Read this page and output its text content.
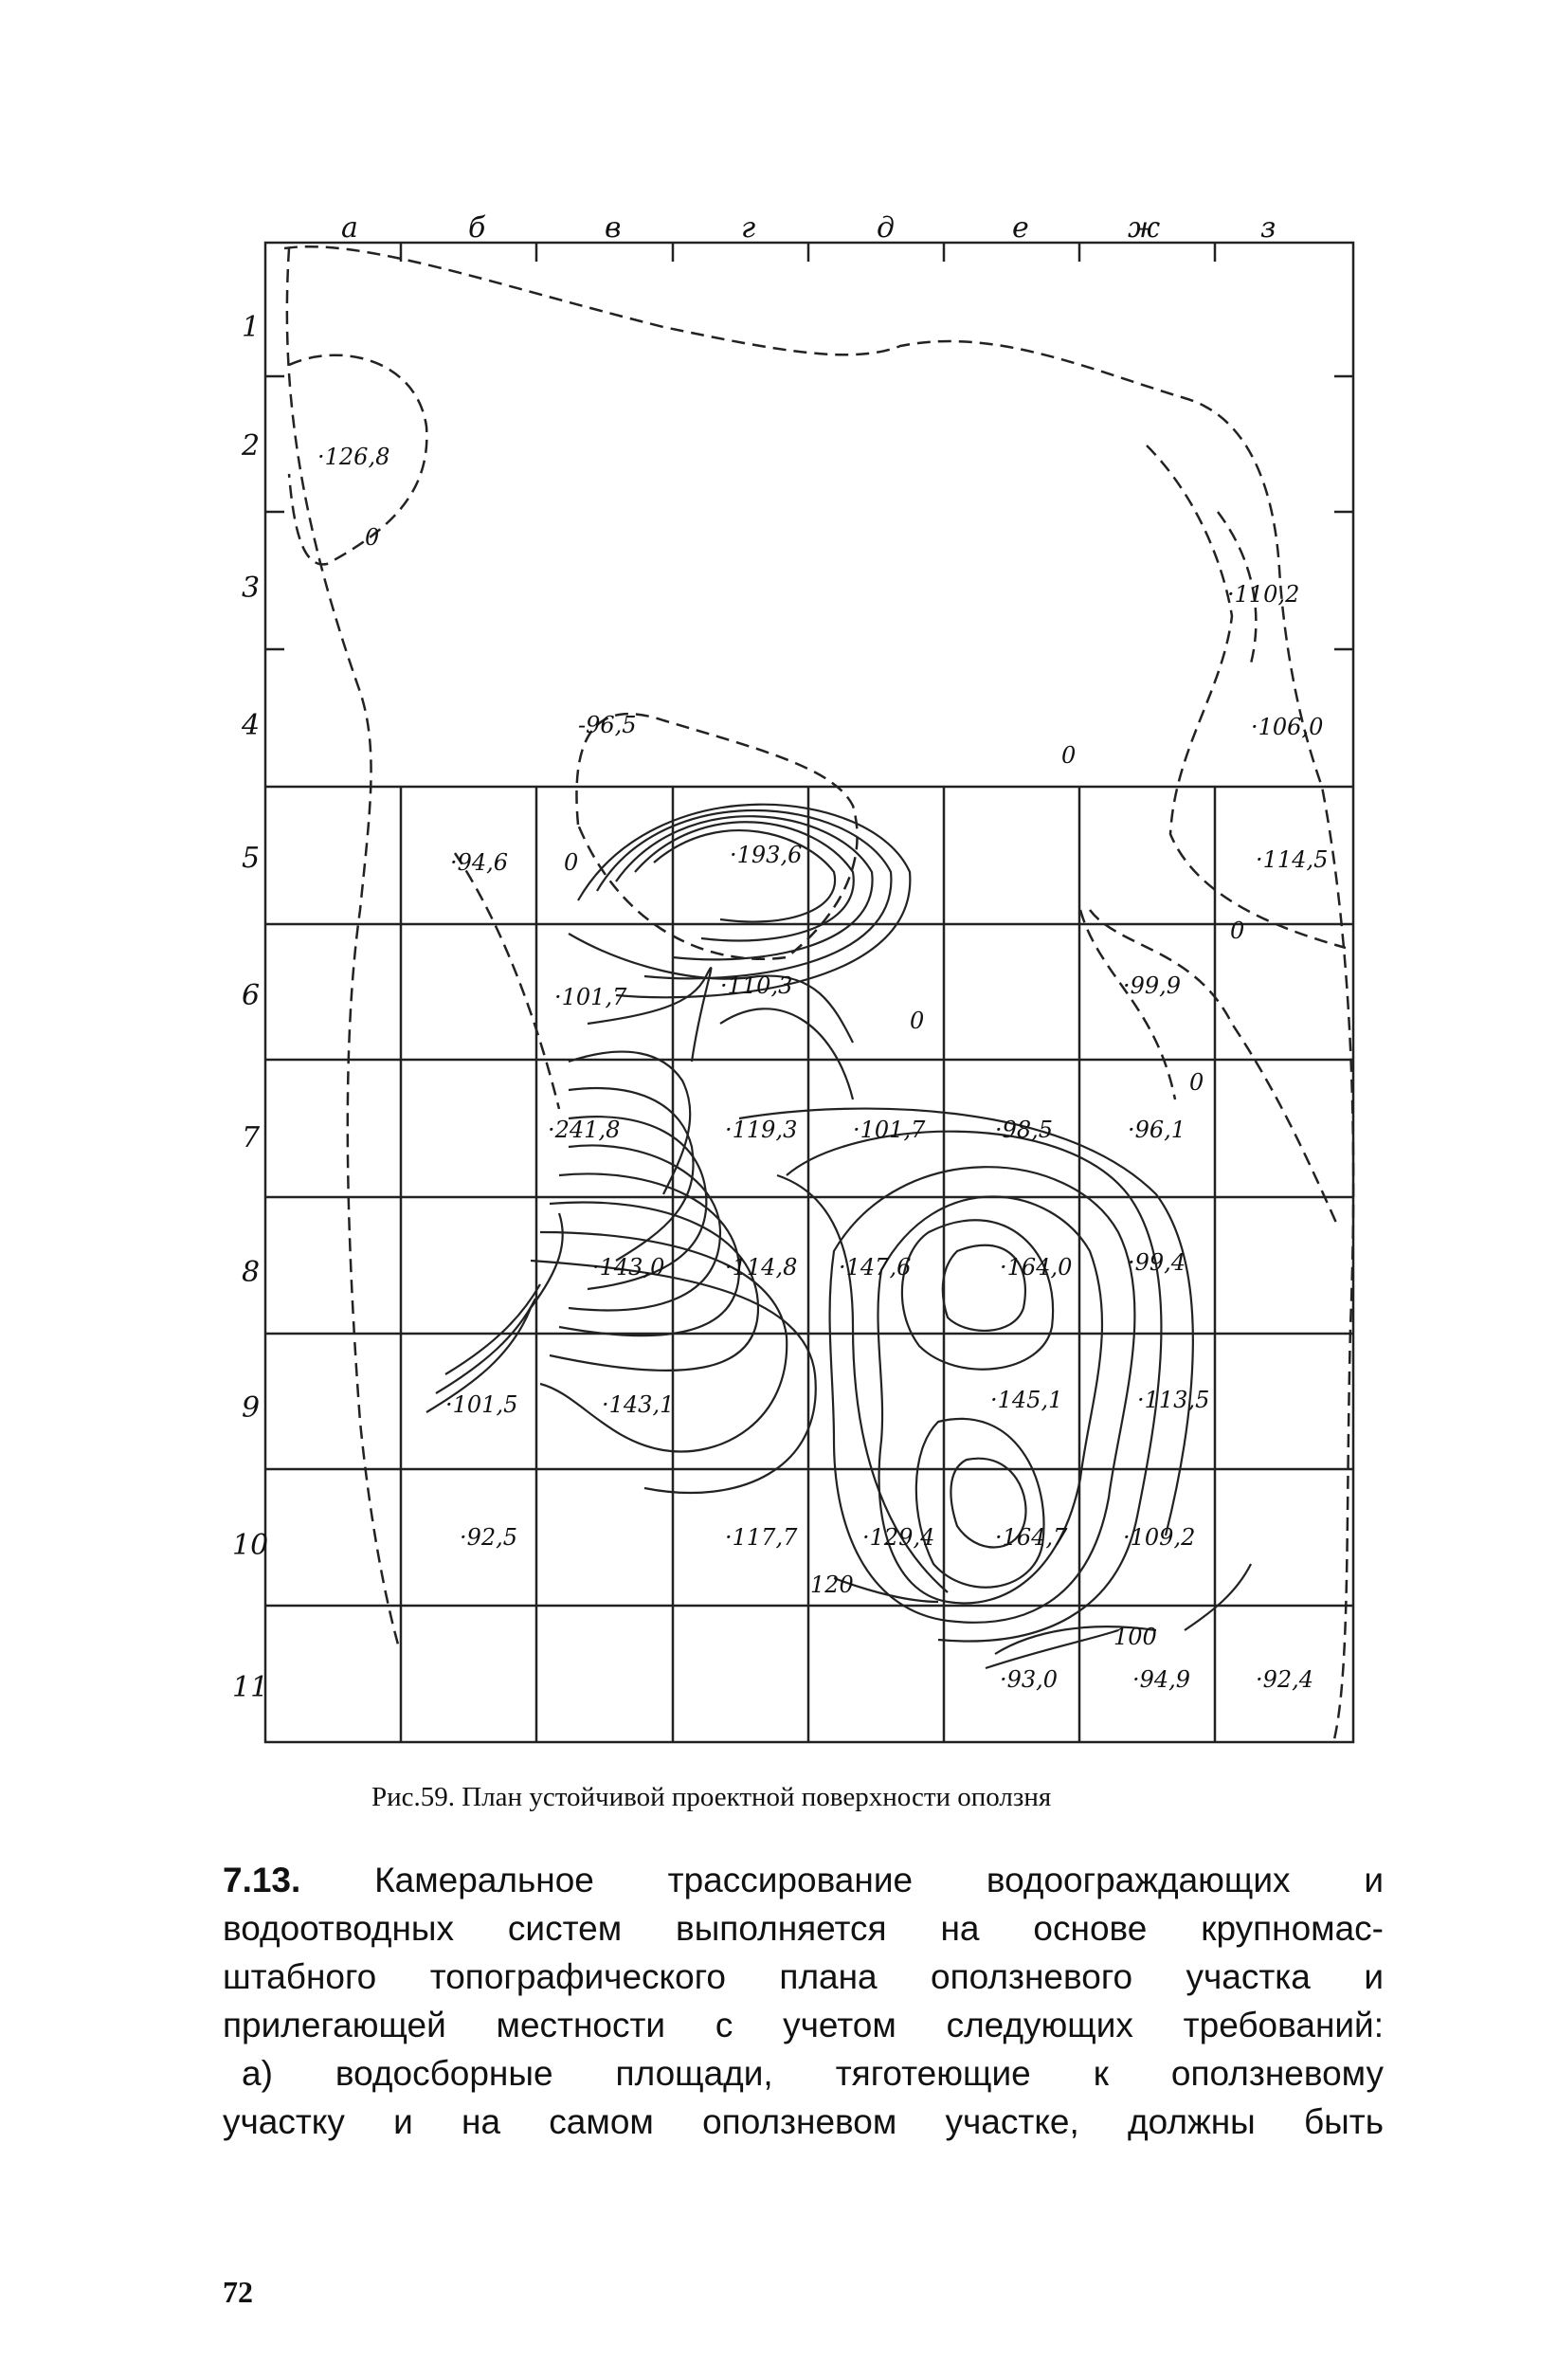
а	б	в	г	д	е	ж	з
1
2
3
4
5
6
7
8
9
10
11
·126,8
·110,2
·106,0
-96,5
·114,5
·94,6	·193,6
·99,9
·101,7	·110,3
·241,8	·119,3 ·101,7	·98,5	·96,1
·143,0	·114,8 ·147,6	·164,0 ·99,4
·101,5	·143,1	·145,1	·113,5
·92,5	·117,7	·129,4	·164,7 ·109,2
·93,0	·94,9	·92,4
0
0
0
0
0
0
120
100
Рис.59. План устойчивой проектной поверхности оползня

7.13. Камеральное трассирование водоограждающих и

водоотводных систем выполняется на основе крупномас-

штабного топографического плана оползневого участка и

прилегающей местности с учетом следующих требований:

а) водосборные площади, тяготеющие к оползневому

участку и на самом оползневом участке, должны быть

72
